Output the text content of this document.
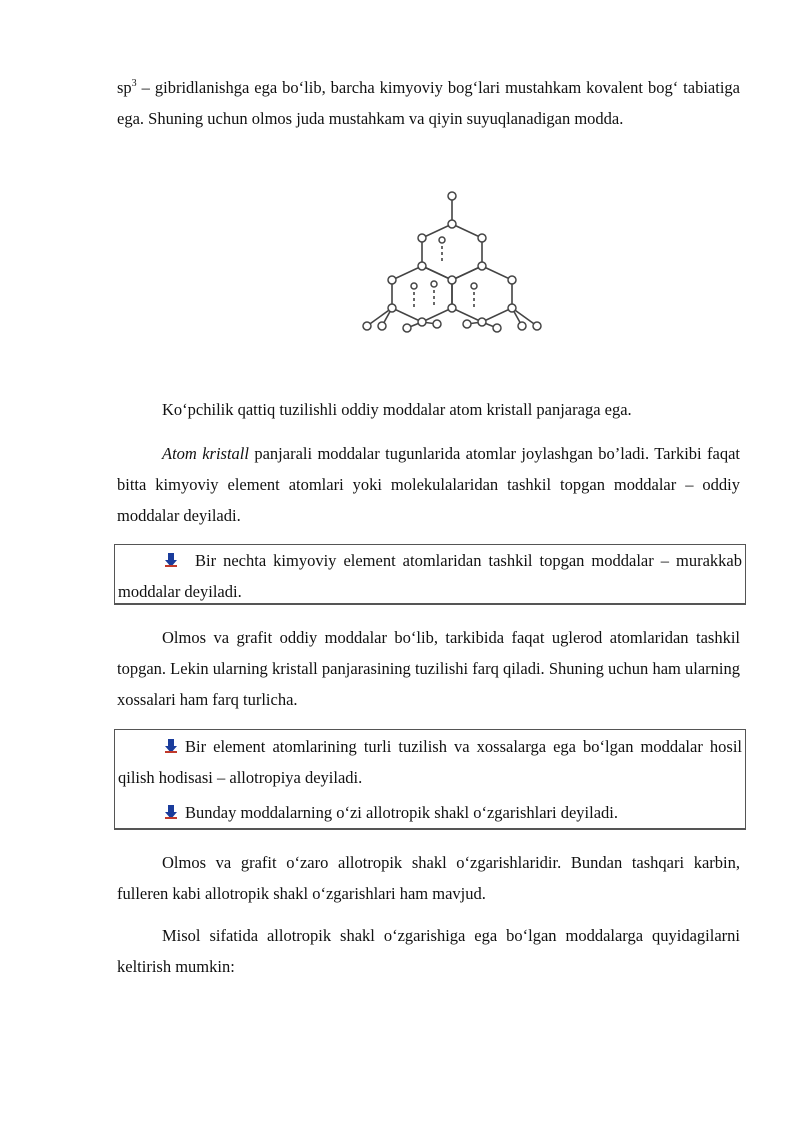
$sp^3$ – gibridlanishga ega bo‘lib, barcha kimyoviy bog‘lari mustahkam kovalent bog‘ tabiatiga ega. Shuning uchun olmos juda mustahkam va qiyin suyuqlanadigan modda.

Ko‘pchilik qattiq tuzilishli oddiy moddalar atom kristall panjaraga ega.

Atom kristall panjarali moddalar tugunlarida atomlar joylashgan bo’ladi. Tarkibi faqat bitta kimyoviy element atomlari yoki molekulalaridan tashkil topgan moddalar – oddiy moddalar deyiladi.

Bir nechta kimyoviy element atomlaridan tashkil topgan moddalar – murakkab moddalar deyiladi.

Olmos va grafit oddiy moddalar bo‘lib, tarkibida faqat uglerod atomlaridan tashkil topgan. Lekin ularning kristall panjarasining tuzilishi farq qiladi. Shuning uchun ham ularning xossalari ham farq turlicha.

Bir element atomlarining turli tuzilish va xossalarga ega bo‘lgan moddalar hosil qilish hodisasi – allotropiya deyiladi.

Bunday moddalarning o‘zi allotropik shakl o‘zgarishlari deyiladi.

Olmos va grafit o‘zaro allotropik shakl o‘zgarishlaridir. Bundan tashqari karbin, fulleren kabi allotropik shakl o‘zgarishlari ham mavjud.

Misol sifatida allotropik shakl o‘zgarishiga ega bo‘lgan moddalarga quyidagilarni keltirish mumkin:
